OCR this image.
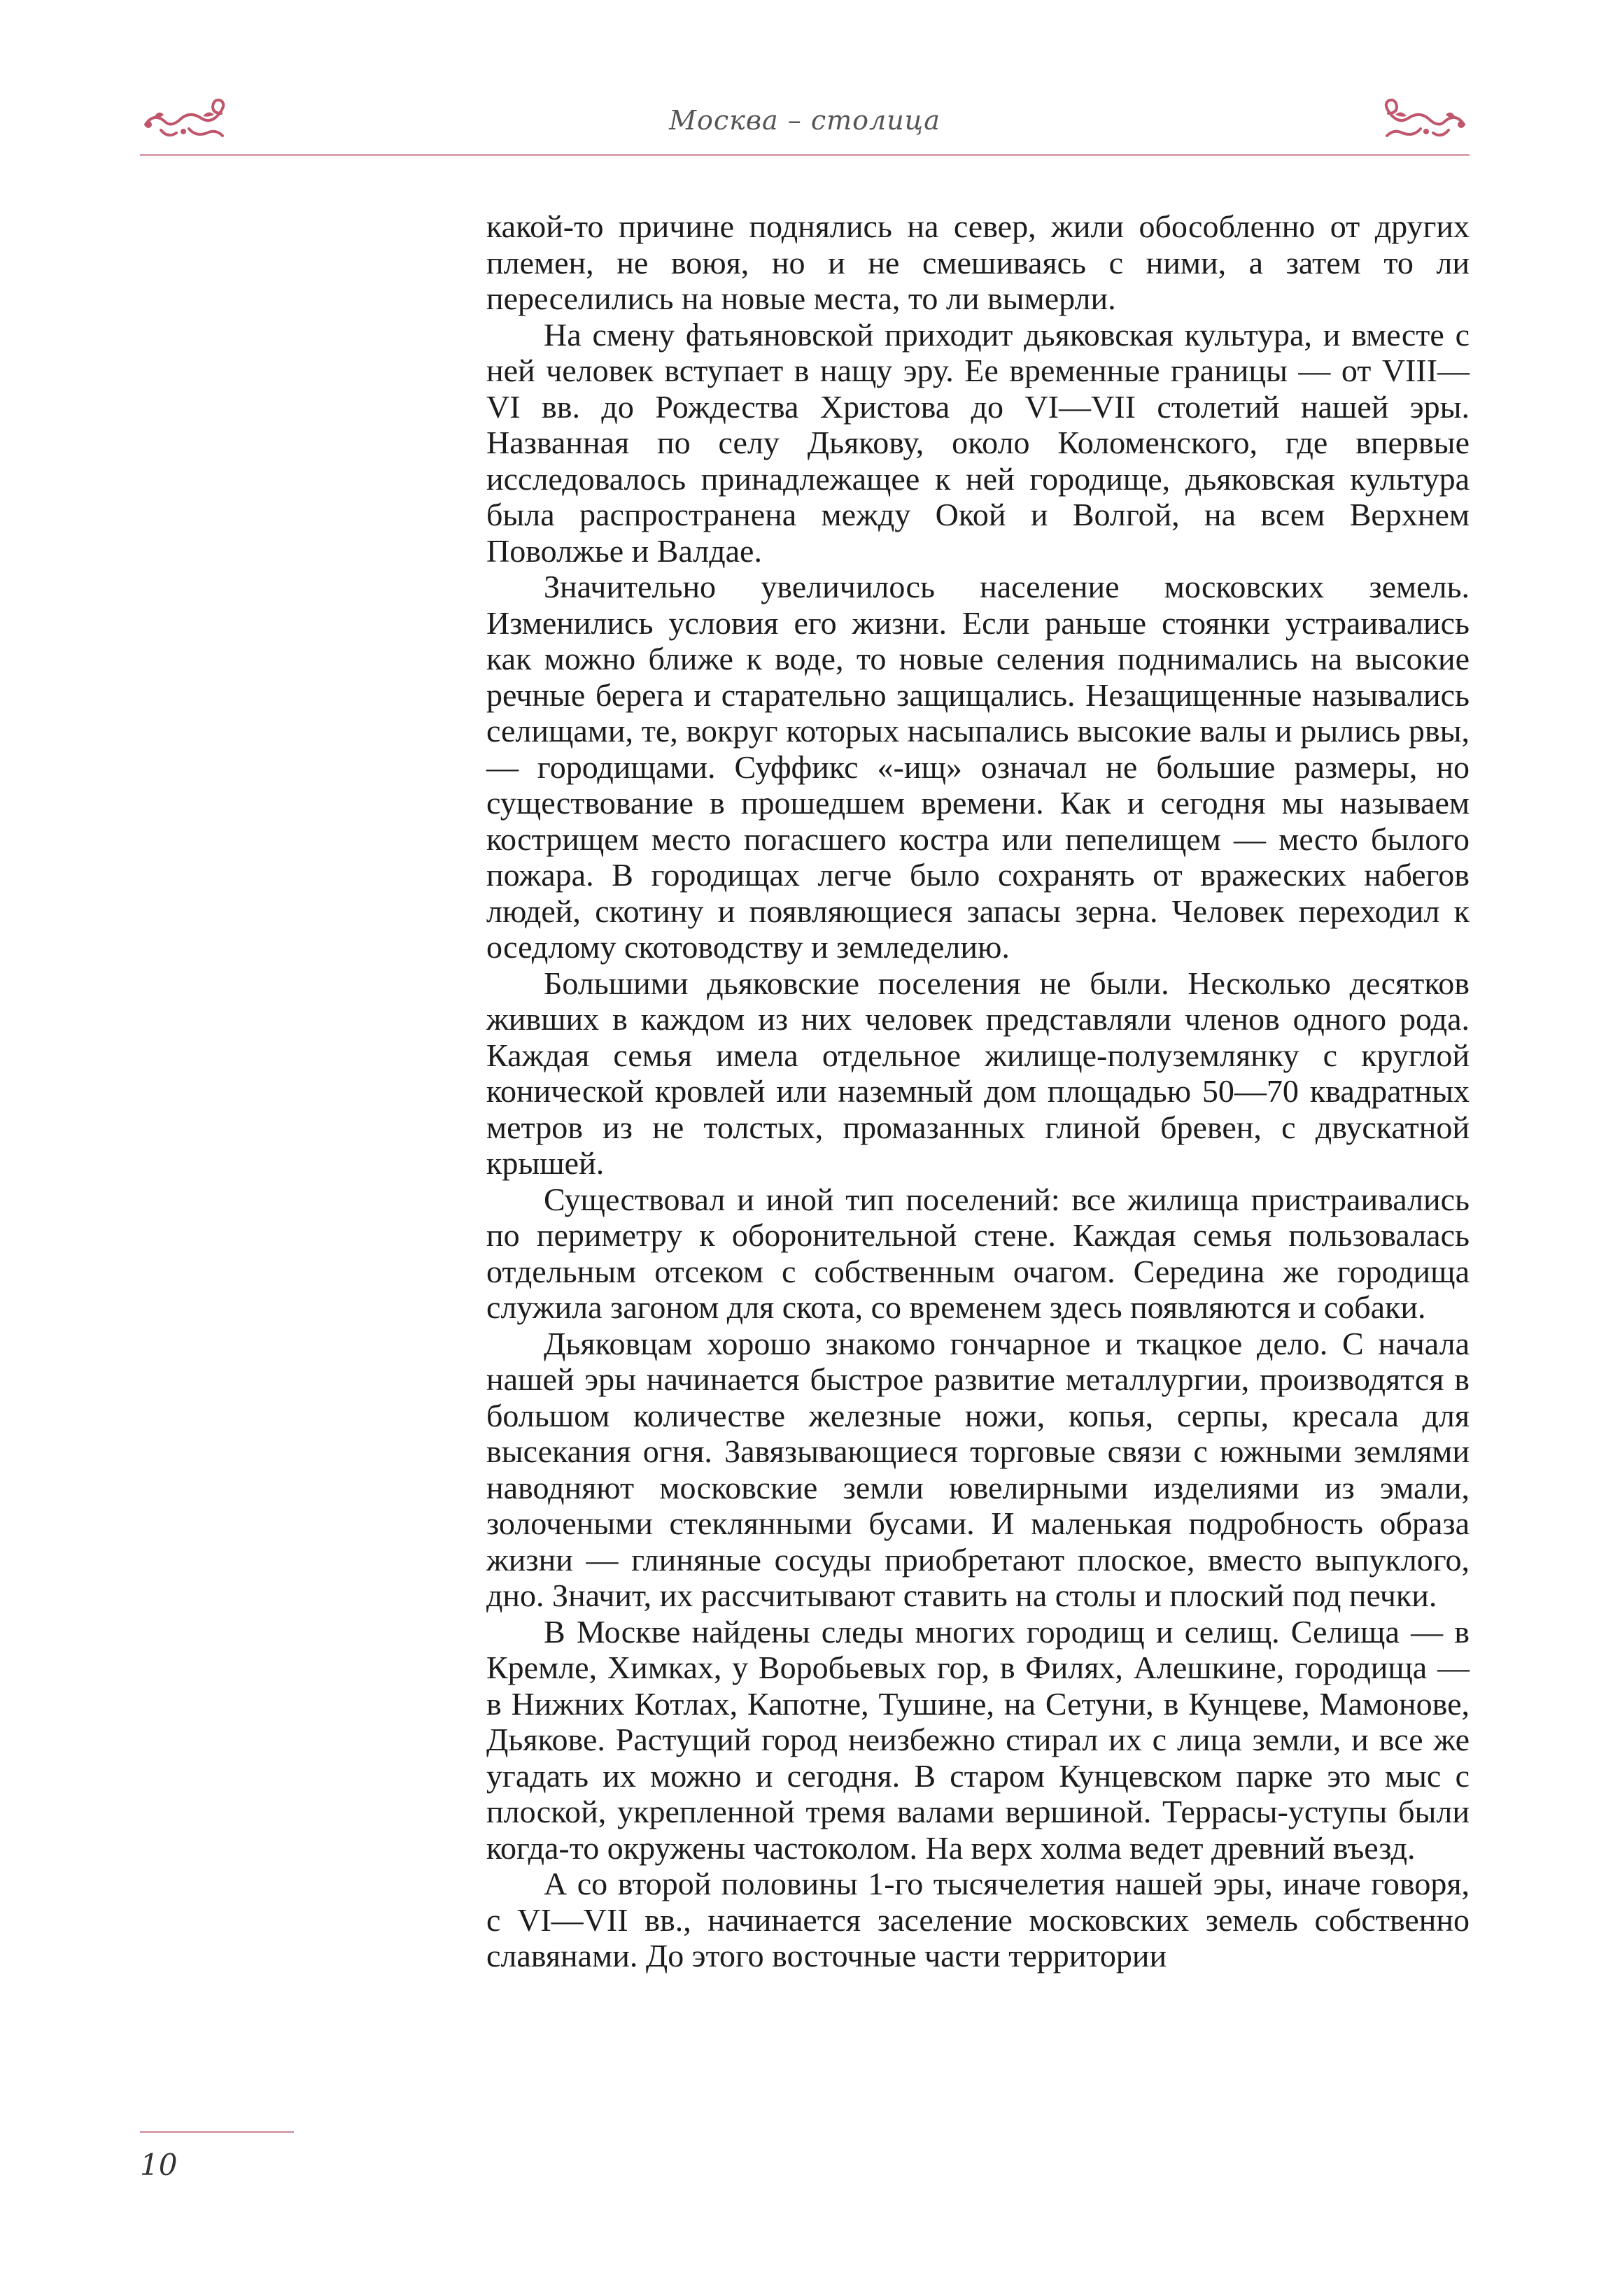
Москва – столица

какой-то причине поднялись на север, жили обособленно от других племен, не воюя, но и не смешиваясь с ними, а затем то ли переселились на новые места, то ли вымерли.

На смену фатьяновской приходит дьяковская культура, и вместе с ней человек вступает в нащу эру. Ее временные границы — от VIII—VI вв. до Рождества Христова до VI—VII столетий нашей эры. Названная по селу Дьякову, около Коломенского, где впервые исследовалось принадлежащее к ней городище, дьяковская культура была распространена между Окой и Волгой, на всем Верхнем Поволжье и Валдае.

Значительно увеличилось население московских земель. Изменились условия его жизни. Если раньше стоянки устраивались как можно ближе к воде, то новые селения поднимались на высокие речные берега и старательно защищались. Незащищенные назывались селищами, те, вокруг которых насыпались высокие валы и рылись рвы, — городищами. Суффикс «-ищ» означал не большие размеры, но существование в прошедшем времени. Как и сегодня мы называем кострищем место погасшего костра или пепелищем — место былого пожара. В городищах легче было сохранять от вражеских набегов людей, скотину и появляющиеся запасы зерна. Человек переходил к оседлому скотоводству и земледелию.

Большими дьяковские поселения не были. Несколько десятков живших в каждом из них человек представляли членов одного рода. Каждая семья имела отдельное жилище-полуземлянку с круглой конической кровлей или наземный дом площадью 50—70 квадратных метров из не толстых, промазанных глиной бревен, с двускатной крышей.

Существовал и иной тип поселений: все жилища пристраивались по периметру к оборонительной стене. Каждая семья пользовалась отдельным отсеком с собственным очагом. Середина же городища служила загоном для скота, со временем здесь появляются и собаки.

Дьяковцам хорошо знакомо гончарное и ткацкое дело. С начала нашей эры начинается быстрое развитие металлургии, производятся в большом количестве железные ножи, копья, серпы, кресала для высекания огня. Завязывающиеся торговые связи с южными землями наводняют московские земли ювелирными изделиями из эмали, золочеными стеклянными бусами. И маленькая подробность образа жизни — глиняные сосуды приобретают плоское, вместо выпуклого, дно. Значит, их рассчитывают ставить на столы и плоский под печки.

В Москве найдены следы многих городищ и селищ. Селища — в Кремле, Химках, у Воробьевых гор, в Филях, Алешкине, городища — в Нижних Котлах, Капотне, Тушине, на Сетуни, в Кунцеве, Мамонове, Дьякове. Растущий город неизбежно стирал их с лица земли, и все же угадать их можно и сегодня. В старом Кунцевском парке это мыс с плоской, укрепленной тремя валами вершиной. Террасы-уступы были когда-то окружены частоколом. На верх холма ведет древний въезд.

А со второй половины 1-го тысячелетия нашей эры, иначе говоря, с VI—VII вв., начинается заселение московских земель собственно славянами. До этого восточные части территории

10
